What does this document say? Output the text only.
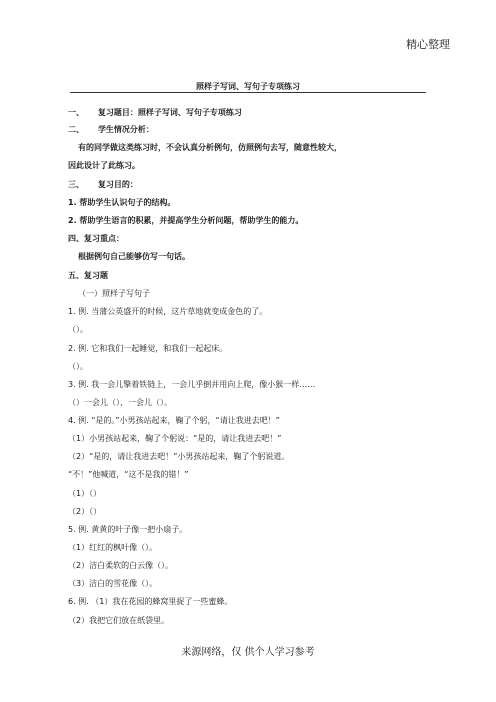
精心整理
照样子写词、写句子专项练习
一、 复习题目：照样子写词、写句子专项练习
二、 学生情况分析：
有的同学做这类练习时，不会认真分析例句，仿照例句去写，随意性较大，
因此设计了此练习。
三、 复习目的：
1. 帮助学生认识句子的结构。
2. 帮助学生语言的积累，并提高学生分析问题，帮助学生的能力。
四、复习重点：
根据例句自己能够仿写一句话。
五、复习题
（一）照样子写句子
1. 例. 当蒲公英盛开的时候，这片草地就变成金色的了。
（）。
2. 例. 它和我们一起睡觉，和我们一起起床。
（）。
3. 例. 我一会儿擎着铁链上，一会儿乎倒并用向上爬，像小猴一样……
（）一会儿（），一会儿（）。
4. 例. “是的。”小男孩站起来，鞠了个躬，“请让我进去吧！”
（1）小男孩站起来，鞠了个躬说：“是的，请让我进去吧！”
（2）“是的，请让我进去吧！”小男孩站起来，鞠了个躬说道。
“不！”他喊道，“这不是我的错！”
（1）（）
（2）（）
5. 例. 黄黄的叶子像一把小扇子。
（1）红红的枫叶像（）。
（2）洁白柔软的白云像（）。
（3）洁白的雪花像（）。
6. 例. （1）我在花园的蜂窝里捉了一些蜜蜂。
（2）我把它们放在纸袋里。
来源网络，仅 供个人学习参考
